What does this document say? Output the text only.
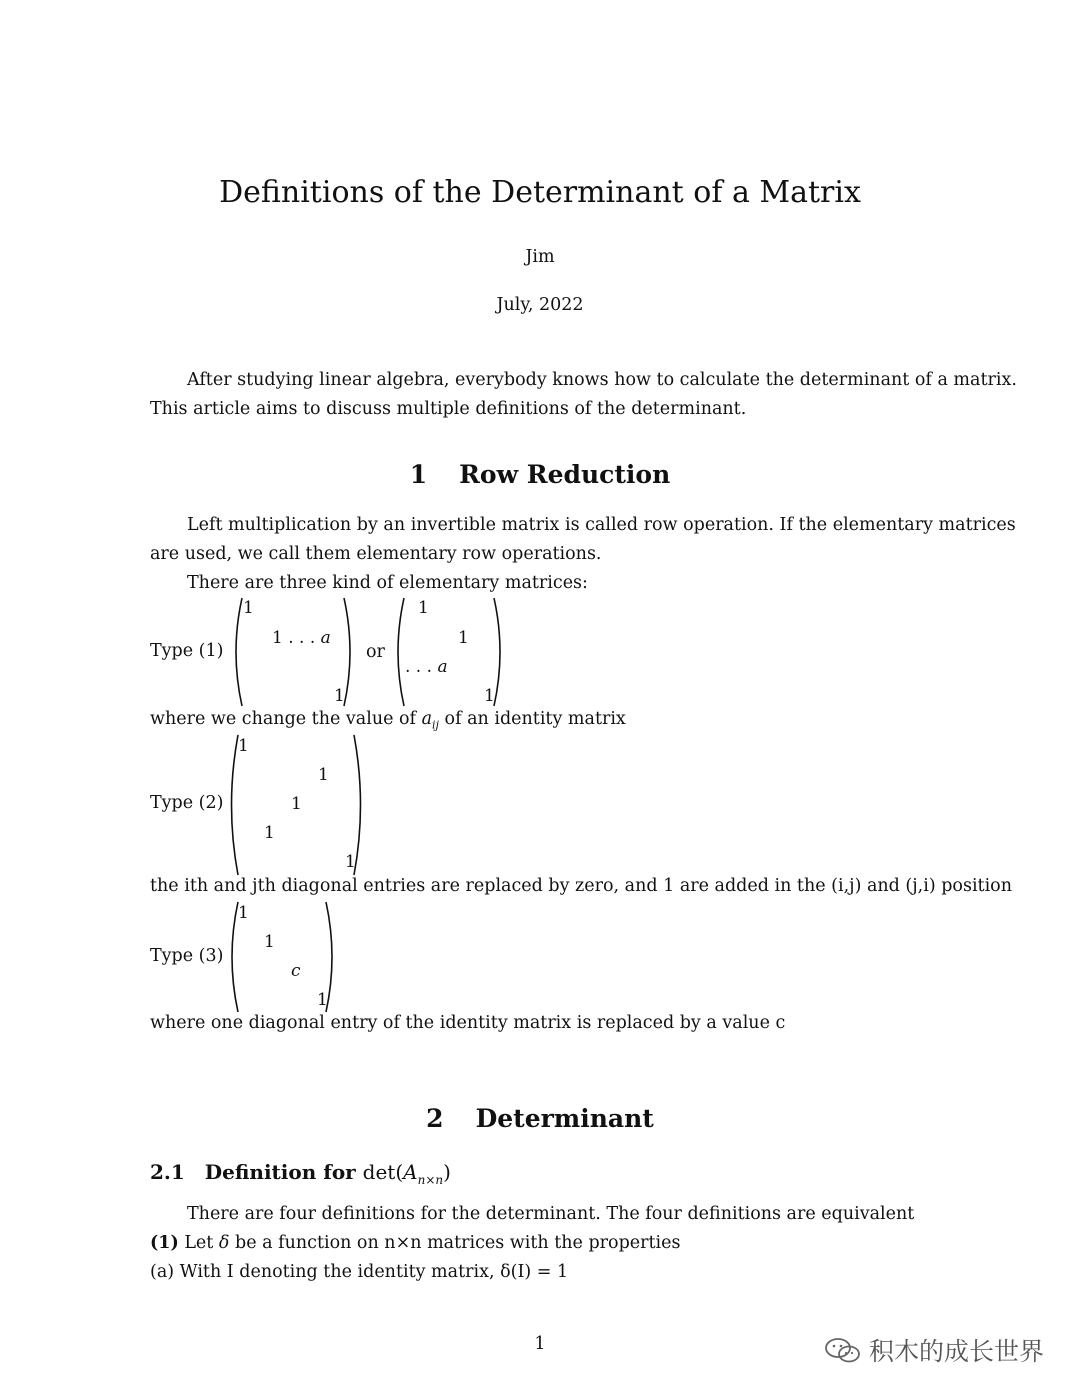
Definitions of the Determinant of a Matrix
Jim
July, 2022
After studying linear algebra, everybody knows how to calculate the determinant of a matrix.
This article aims to discuss multiple definitions of the determinant.
1 Row Reduction
Left multiplication by an invertible matrix is called row operation. If the elementary matrices
are used, we call them elementary row operations.
There are three kind of elementary matrices:
Type (1)
1
1 . . . a
1
or
1
1
. . . a
1
where we change the value of $a_{ij}$ of an identity matrix
Type (2)
1
1
1
1
1
the ith and jth diagonal entries are replaced by zero, and 1 are added in the (i,j) and (j,i) position
Type (3)
1
1
c
1
where one diagonal entry of the identity matrix is replaced by a value c
2 Determinant
2.1 Definition for $\det(A_{n\times n})$
There are four definitions for the determinant. The four definitions are equivalent
(1) Let δ be a function on n×n matrices with the properties
(a) With I denoting the identity matrix, δ(I) = 1
1	积木的成长世界
